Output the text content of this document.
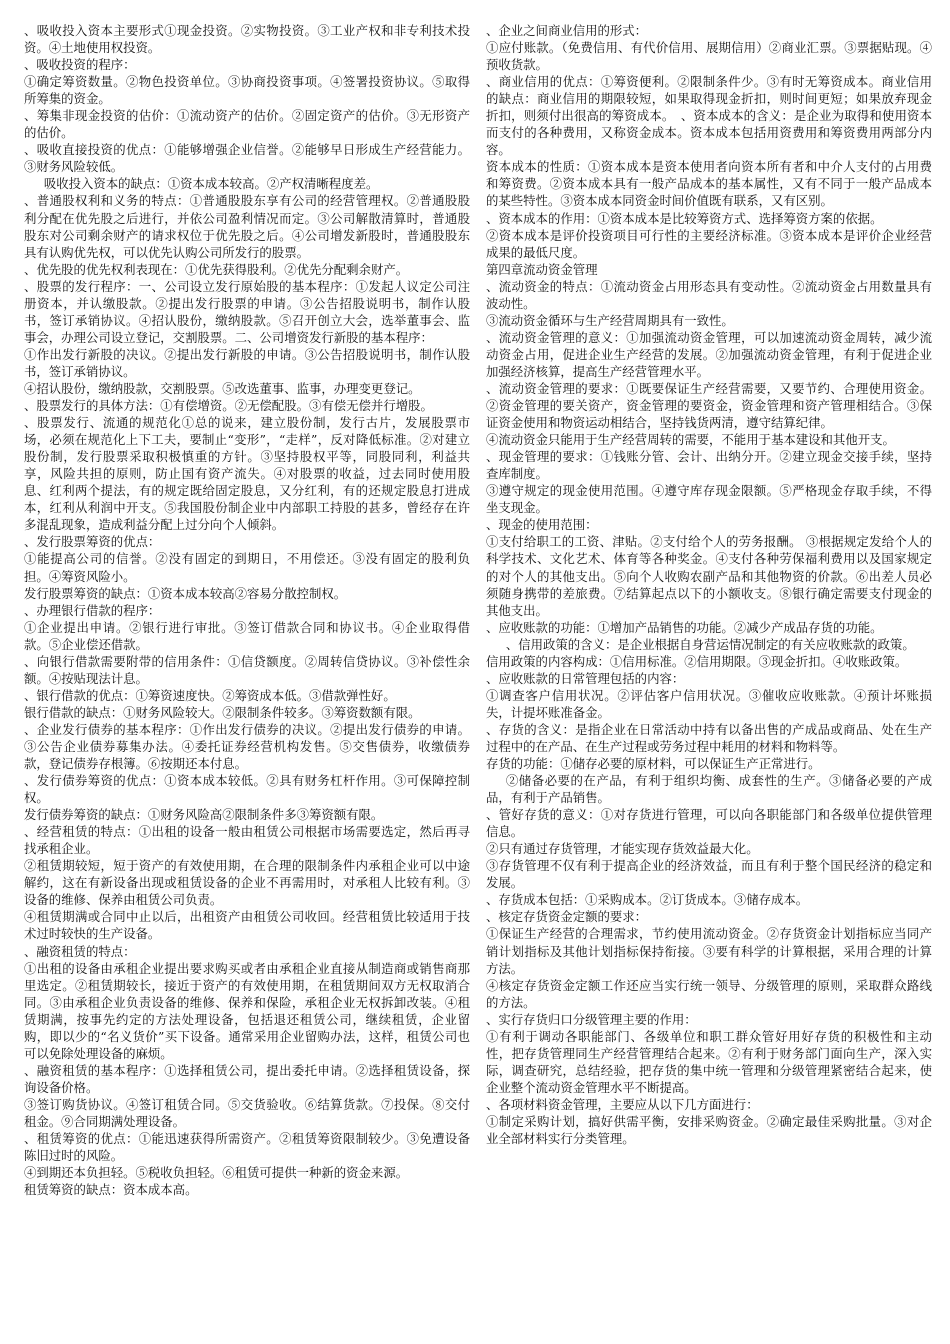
、吸收投入资本主要形式①现金投资。②实物投资。③工业产权和非专利技术投资。④土地使用权投资。

、吸收投资的程序：

①确定筹资数量。②物色投资单位。③协商投资事项。④签署投资协议。⑤取得所筹集的资金。

、筹集非现金投资的估价：①流动资产的估价。②固定资产的估价。③无形资产的估价。

、吸收直接投资的优点：①能够增强企业信誉。②能够早日形成生产经营能力。③财务风险较低。

吸收投入资本的缺点：①资本成本较高。②产权清晰程度差。

、普通股权利和义务的特点：①普通股股东享有公司的经营管理权。②普通股股利分配在优先股之后进行，并依公司盈利情况而定。③公司解散清算时，普通股股东对公司剩余财产的请求权位于优先股之后。④公司增发新股时，普通股股东具有认购优先权，可以优先认购公司所发行的股票。

、优先股的优先权利表现在：①优先获得股利。②优先分配剩余财产。

、股票的发行程序：一、公司设立发行原始股的基本程序：①发起人议定公司注册资本，并认缴股款。②提出发行股票的申请。③公告招股说明书，制作认股书，签订承销协议。④招认股份，缴纳股款。⑤召开创立大会，选举董事会、监事会，办理公司设立登记，交割股票。二、公司增资发行新股的基本程序：

①作出发行新股的决议。②提出发行新股的申请。③公告招股说明书，制作认股书，签订承销协议。

④招认股份，缴纳股款，交割股票。⑤改选董事、监事，办理变更登记。

、股票发行的具体方法：①有偿增资。②无偿配股。③有偿无偿并行增股。

、股票发行、流通的规范化①总的说来，建立股份制，发行古片，发展股票市场，必须在规范化上下工夫，要制止“变形”，“走样”，反对降低标准。②对建立股份制，发行股票采取积极慎重的方针。③坚持股权平等，同股同利，利益共享，风险共担的原则，防止国有资产流失。④对股票的收益，过去同时使用股息、红利两个提法，有的规定既给固定股息，又分红利，有的还规定股息打进成本，红利从利润中开支。⑤我国股份制企业中内部职工持股的甚多，曾经存在许多混乱现象，造成利益分配上过分向个人倾斜。

、发行股票筹资的优点：

①能提高公司的信誉。②没有固定的到期日，不用偿还。③没有固定的股利负担。④筹资风险小。

发行股票筹资的缺点：①资本成本较高②容易分散控制权。

、办理银行借款的程序：

①企业提出申请。②银行进行审批。③签订借款合同和协议书。④企业取得借款。⑤企业偿还借款。

、向银行借款需要附带的信用条件：①信贷额度。②周转信贷协议。③补偿性余额。④按贴现法计息。

、银行借款的优点：①筹资速度快。②筹资成本低。③借款弹性好。

银行借款的缺点：①财务风险较大。②限制条件较多。③筹资数额有限。

、企业发行债券的基本程序：①作出发行债券的决议。②提出发行债券的申请。③公告企业债券募集办法。④委托证券经营机构发售。⑤交售债券，收缴债券款，登记债券存根簿。⑥按期还本付息。

、发行债券筹资的优点：①资本成本较低。②具有财务杠杆作用。③可保障控制权。

发行债券筹资的缺点：①财务风险高②限制条件多③筹资额有限。

、经营租赁的特点：①出租的设备一般由租赁公司根据市场需要选定，然后再寻找承租企业。

②租赁期较短，短于资产的有效使用期，在合理的限制条件内承租企业可以中途解约，这在有新设备出现或租赁设备的企业不再需用时，对承租人比较有利。③设备的维修、保养由租赁公司负责。

④租赁期满或合同中止以后，出租资产由租赁公司收回。经营租赁比较适用于技术过时较快的生产设备。

、融资租赁的特点：

①出租的设备由承租企业提出要求购买或者由承租企业直接从制造商或销售商那里选定。②租赁期较长，接近于资产的有效使用期，在租赁期间双方无权取消合同。③由承租企业负责设备的维修、保养和保险，承租企业无权拆卸改装。④租赁期满，按事先约定的方法处理设备，包括退还租赁公司，继续租赁，企业留购，即以少的“名义货价”买下设备。通常采用企业留购办法，这样，租赁公司也可以免除处理设备的麻烦。

、融资租赁的基本程序：①选择租赁公司，提出委托申请。②选择租赁设备，探询设备价格。

③签订购货协议。④签订租赁合同。⑤交货验收。⑥结算货款。⑦投保。⑧交付租金。⑨合同期满处理设备。

、租赁筹资的优点：①能迅速获得所需资产。②租赁筹资限制较少。③免遭设备陈旧过时的风险。

④到期还本负担轻。⑤税收负担轻。⑥租赁可提供一种新的资金来源。

租赁筹资的缺点：资本成本高。

、企业之间商业信用的形式：

①应付账款。（免费信用、有代价信用、展期信用）②商业汇票。③票据贴现。④预收货款。

、商业信用的优点：①筹资便利。②限制条件少。③有时无筹资成本。商业信用的缺点：商业信用的期限较短，如果取得现金折扣，则时间更短；如果放弃现金折扣，则须付出很高的筹资成本。　、资本成本的含义：是企业为取得和使用资本而支付的各种费用，又称资金成本。资本成本包括用资费用和筹资费用两部分内容。

资本成本的性质：①资本成本是资本使用者向资本所有者和中介人支付的占用费和筹资费。②资本成本具有一般产品成本的基本属性，又有不同于一般产品成本的某些特性。③资本成本同资金时间价值既有联系，又有区别。

、资本成本的作用：①资本成本是比较筹资方式、选择筹资方案的依据。

②资本成本是评价投资项目可行性的主要经济标准。③资本成本是评价企业经营成果的最低尺度。

第四章流动资金管理

、流动资金的特点：①流动资金占用形态具有变动性。②流动资金占用数量具有波动性。

③流动资金循环与生产经营周期具有一致性。

、流动资金管理的意义：①加强流动资金管理，可以加速流动资金周转，减少流动资金占用，促进企业生产经营的发展。②加强流动资金管理，有利于促进企业加强经济核算，提高生产经营管理水平。

、流动资金管理的要求：①既要保证生产经营需要，又要节约、合理使用资金。②资金管理的要关资产，资金管理的要资金，资金管理和资产管理相结合。③保证资金使用和物资运动相结合，坚持钱货两清，遵守结算纪律。

④流动资金只能用于生产经营周转的需要，不能用于基本建设和其他开支。

、现金管理的要求：①钱账分管、会计、出纳分开。②建立现金交接手续，坚持查库制度。

③遵守规定的现金使用范围。④遵守库存现金限额。⑤严格现金存取手续，不得坐支现金。

、现金的使用范围：

①支付给职工的工资、津贴。②支付给个人的劳务报酬。 ③根据规定发给个人的科学技术、文化艺术、体育等各种奖金。④支付各种劳保福利费用以及国家规定的对个人的其他支出。⑤向个人收购农副产品和其他物资的价款。⑥出差人员必须随身携带的差旅费。⑦结算起点以下的小额收支。⑧银行确定需要支付现金的其他支出。

、应收账款的功能：①增加产品销售的功能。②减少产成品存货的功能。

、信用政策的含义：是企业根据自身营运情况制定的有关应收账款的政策。

信用政策的内容构成：①信用标准。②信用期限。③现金折扣。④收账政策。

、应收账款的日常管理包括的内容：

①调查客户信用状况。②评估客户信用状况。③催收应收账款。④预计坏账损失，计提坏账准备金。

、存货的含义：是指企业在日常活动中持有以备出售的产成品或商品、处在生产过程中的在产品、在生产过程或劳务过程中耗用的材料和物料等。

存货的功能：①储存必要的原材料，可以保证生产正常进行。

②储备必要的在产品，有利于组织均衡、成套性的生产。③储备必要的产成品，有利于产品销售。

、管好存货的意义：①对存货进行管理，可以向各职能部门和各级单位提供管理信息。

②只有通过存货管理，才能实现存货效益最大化。

③存货管理不仅有利于提高企业的经济效益，而且有利于整个国民经济的稳定和发展。

、存货成本包括：①采购成本。②订货成本。③储存成本。

、核定存货资金定额的要求：

①保证生产经营的合理需求，节约使用流动资金。②存货资金计划指标应当同产销计划指标及其他计划指标保持衔接。③要有科学的计算根据，采用合理的计算方法。

④核定存货资金定额工作还应当实行统一领导、分级管理的原则，采取群众路线的方法。

、实行存货归口分级管理主要的作用：

①有利于调动各职能部门、各级单位和职工群众管好用好存货的积极性和主动性，把存货管理同生产经营管理结合起来。②有利于财务部门面向生产，深入实际，调查研究，总结经验，把存货的集中统一管理和分级管理紧密结合起来，使企业整个流动资金管理水平不断提高。

、各项材料资金管理，主要应从以下几方面进行：

①制定采购计划，搞好供需平衡，安排采购资金。②确定最佳采购批量。③对企业全部材料实行分类管理。
